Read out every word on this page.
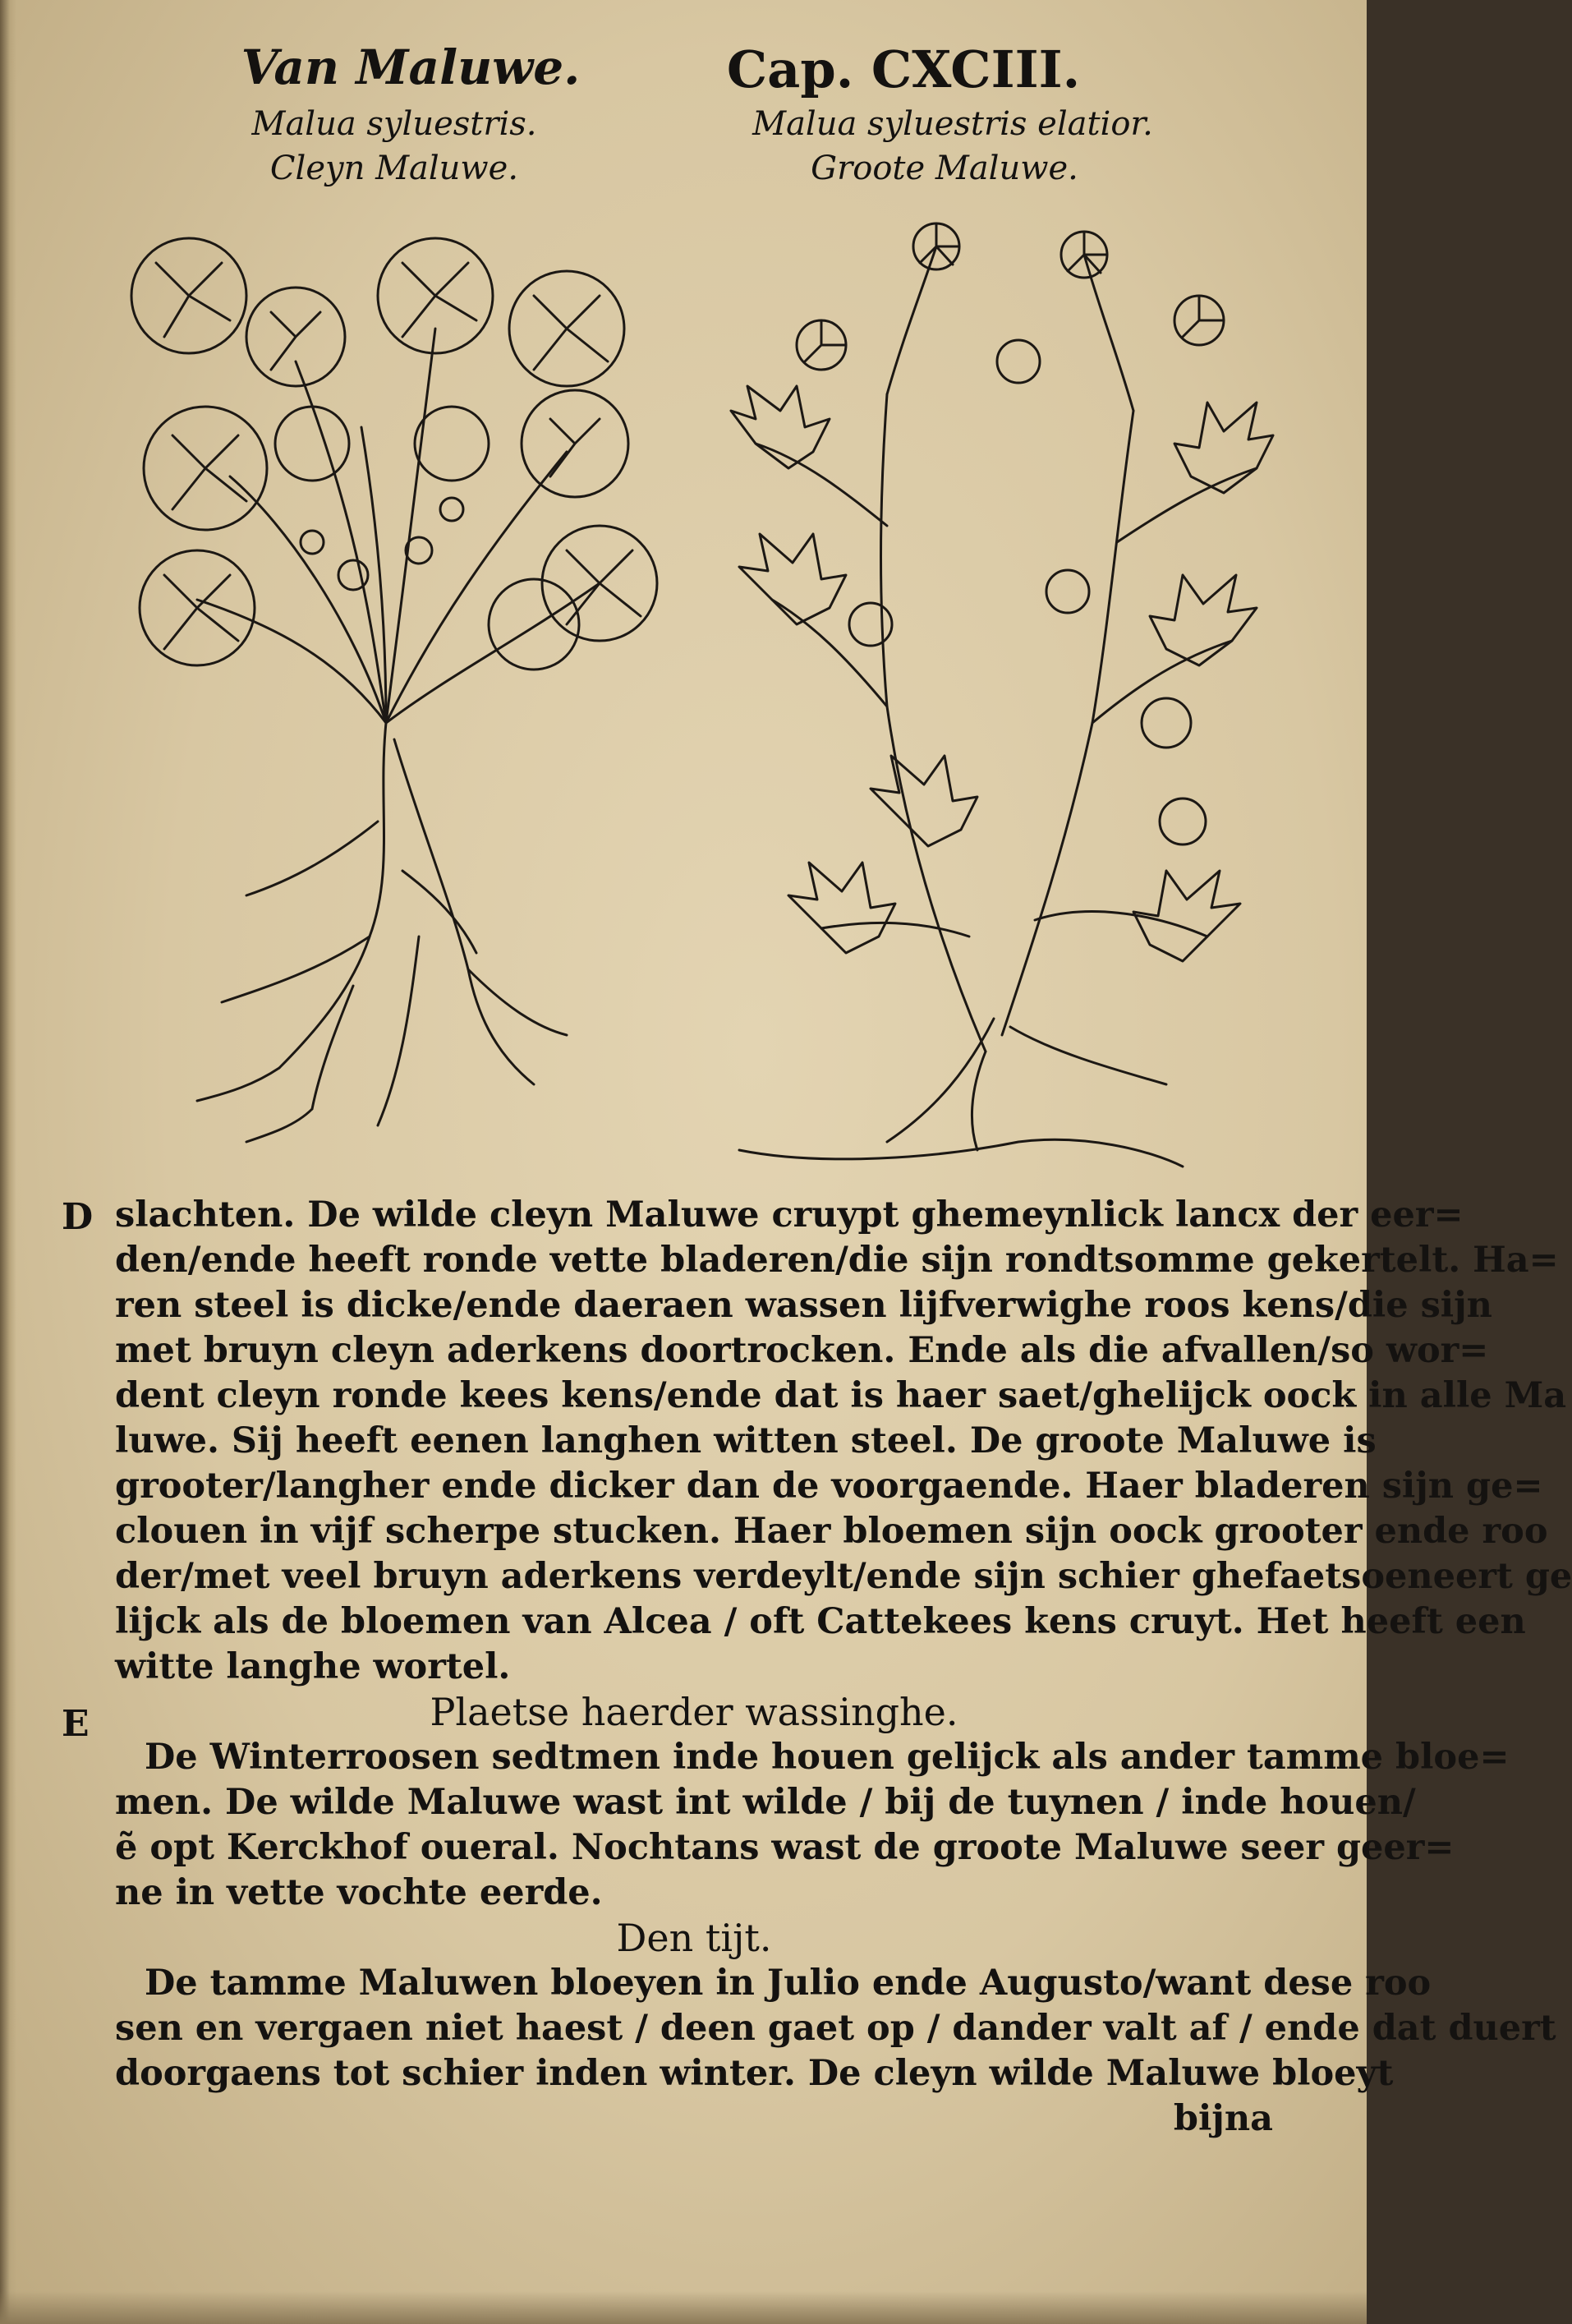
Van Maluwe.	Cap. CXCIII.
Malua syluestris.	Malua syluestris elatior.
Cleyn Maluwe.	Groote Maluwe.
D
E
slachten. De wilde cleyn Maluwe cruypt ghemeynlick lancx der eer=
den/ende heeft ronde vette bladeren/die sijn rondtsomme gekertelt. Ha=
ren steel is dicke/ende daeraen wassen lijfverwighe roos kens/die sijn
met bruyn cleyn aderkens doortrocken. Ende als die afvallen/so wor=
dent cleyn ronde kees kens/ende dat is haer saet/ghelijck oock in alle Ma
luwe. Sij heeft eenen langhen witten steel. De groote Maluwe is
grooter/langher ende dicker dan de voorgaende. Haer bladeren sijn ge=
clouen in vijf scherpe stucken. Haer bloemen sijn oock grooter ende roo
der/met veel bruyn aderkens verdeylt/ende sijn schier ghefaetsoeneert ge
lijck als de bloemen van Alcea / oft Cattekees kens cruyt. Het heeft een
witte langhe wortel.
Plaetse haerder wassinghe.
De Winterroosen sedtmen inde houen gelijck als ander tamme bloe=
men. De wilde Maluwe wast int wilde / bij de tuynen / inde houen/
ẽ opt Kerckhof oueral. Nochtans wast de groote Maluwe seer geer=
ne in vette vochte eerde.
Den tijt.
De tamme Maluwen bloeyen in Julio ende Augusto/want dese roo
sen en vergaen niet haest / deen gaet op / dander valt af / ende dat duert
doorgaens tot schier inden winter. De cleyn wilde Maluwe bloeyt
bijna
